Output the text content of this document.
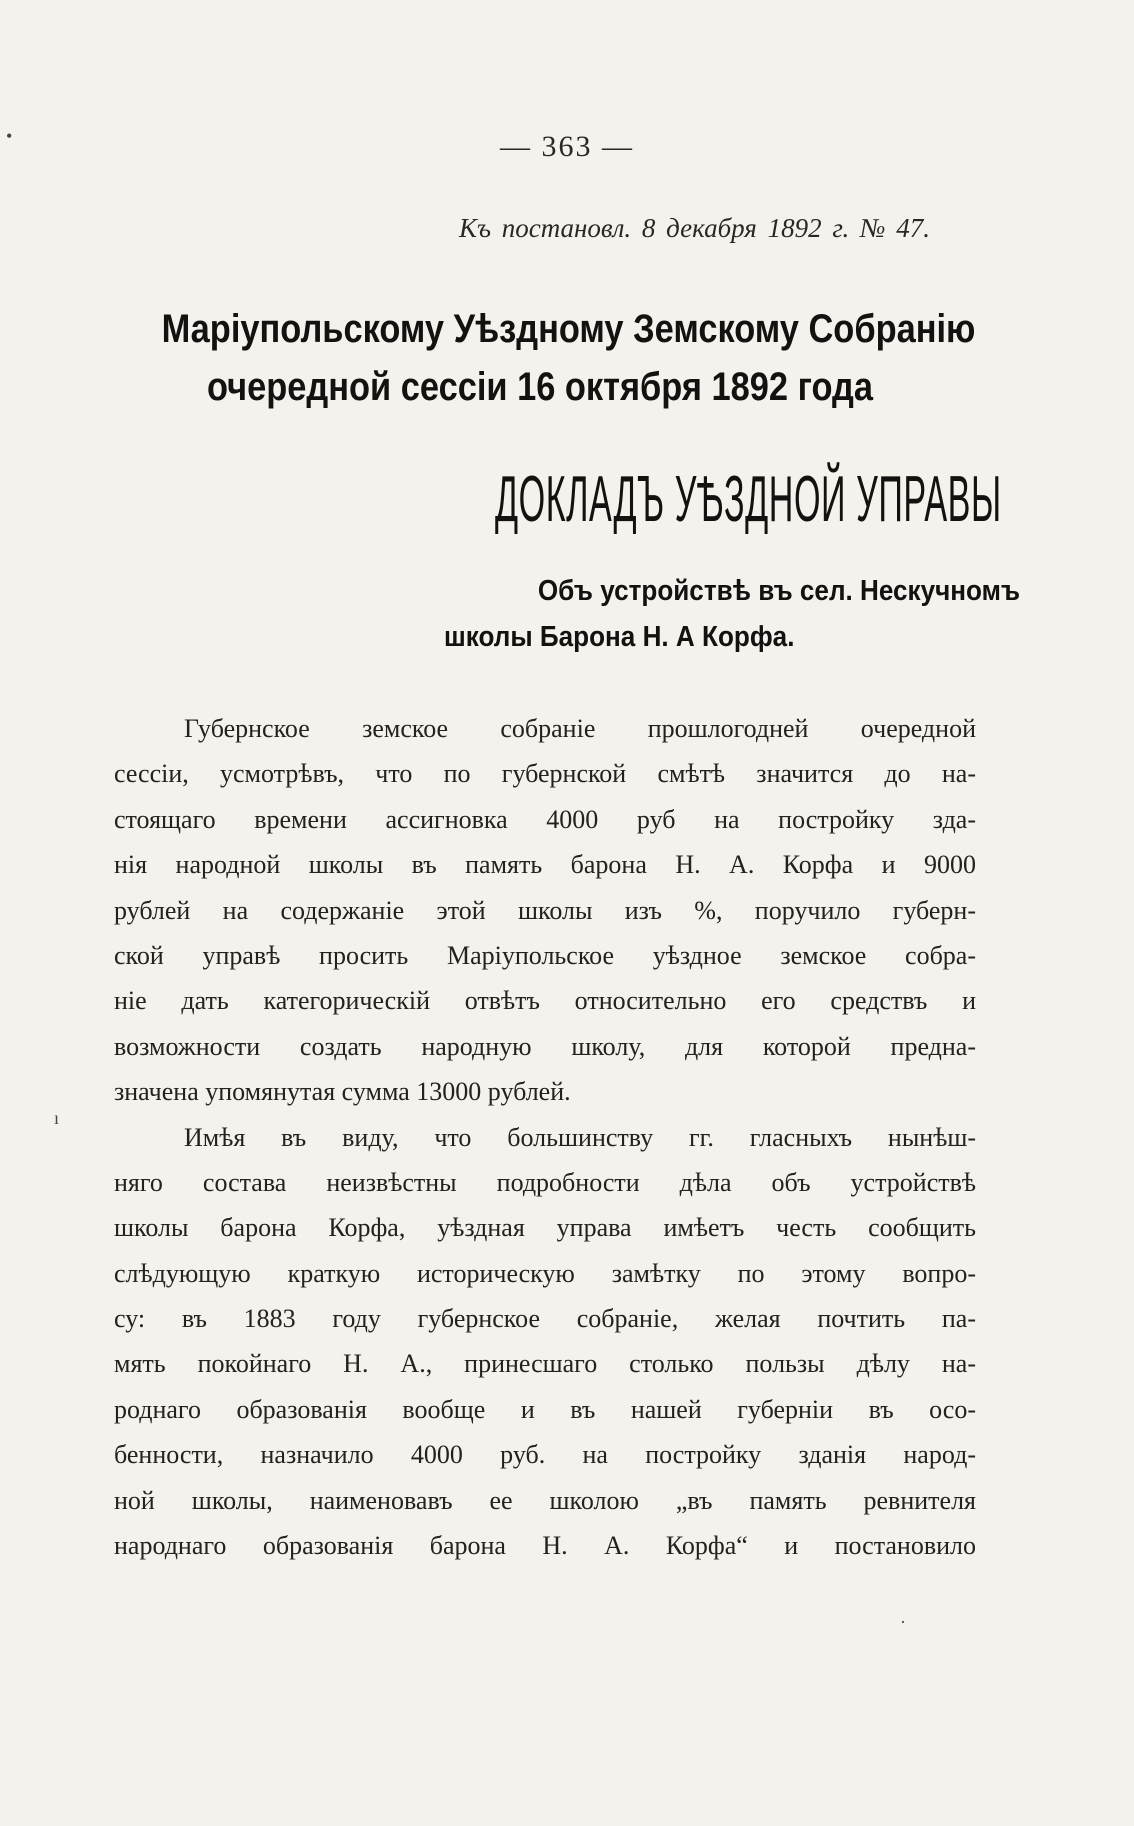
— 363 —
Къ постановл. 8 декабря 1892 г. № 47.
Маріупольскому Уѣздному Земскому Собранію
очередной сессіи 16 октября 1892 года
ДОКЛАДЪ УѢЗДНОЙ УПРАВЫ
Объ устройствѣ въ сел. Нескучномъ
школы Барона Н. А Корфа.
Губернское земское собраніе прошлогодней очередной
сессіи, усмотрѣвъ, что по губернской смѣтѣ значится до на-
стоящаго времени ассигновка 4000 руб на постройку зда-
нія народной школы въ память барона Н. А. Корфа и 9000
рублей на содержаніе этой школы изъ %, поручило губерн-
ской управѣ просить Маріупольское уѣздное земское собра-
ніе дать категорическій отвѣтъ относительно его средствъ и
возможности создать народную школу, для которой предна-
значена упомянутая сумма 13000 рублей.
Имѣя въ виду, что большинству гг. гласныхъ нынѣш-
няго состава неизвѣстны подробности дѣла объ устройствѣ
школы барона Корфа, уѣздная управа имѣетъ честь сообщить
слѣдующую краткую историческую замѣтку по этому вопро-
су: въ 1883 году губернское собраніе, желая почтить па-
мять покойнаго Н. А., принесшаго столько пользы дѣлу на-
роднаго образованія вообще и въ нашей губерніи въ осо-
бенности, назначило 4000 руб. на постройку зданія народ-
ной школы, наименовавъ ее школою „въ память ревнителя
народнаго образованія барона Н. А. Корфа“ и постановило
•
ı
·
